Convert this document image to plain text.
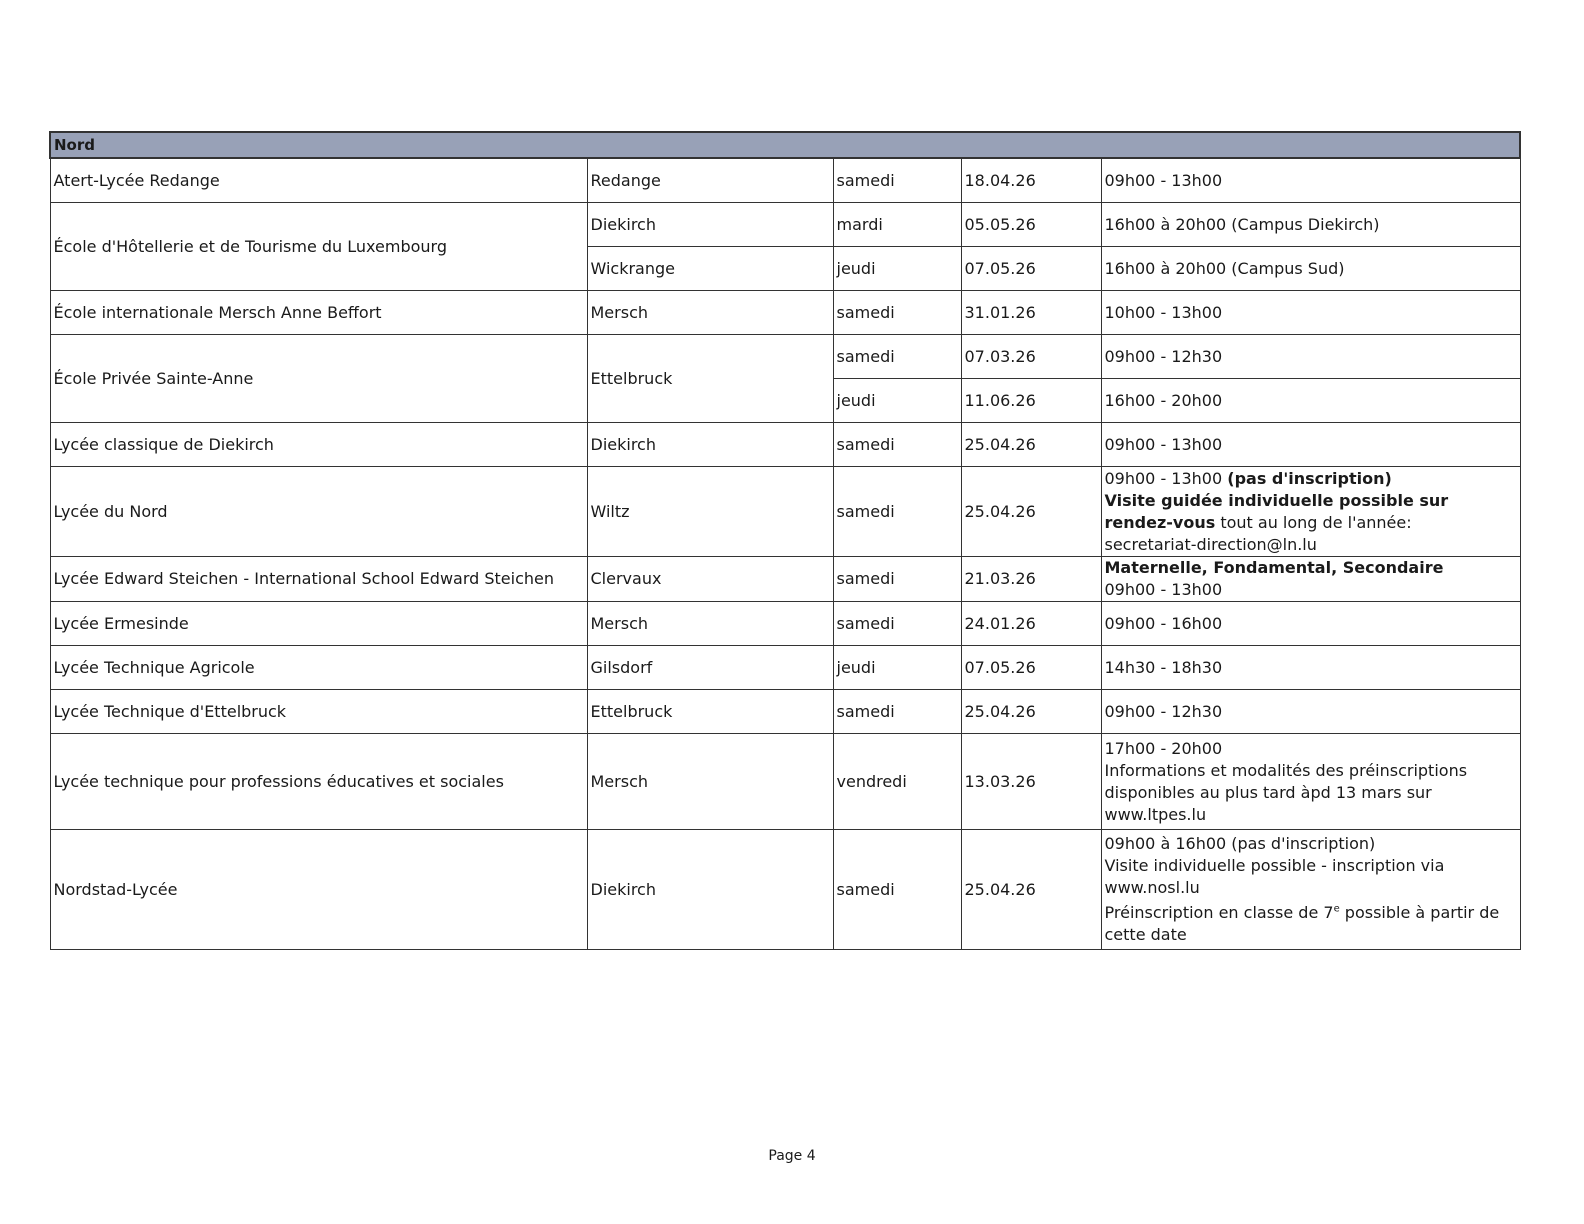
Nord				
Atert-Lycée Redange	Redange	samedi	18.04.26	09h00 - 13h00
École d'Hôtellerie et de Tourisme du Luxembourg	Diekirch	mardi	05.05.26	16h00 à 20h00 (Campus Diekirch)
	Wickrange	jeudi	07.05.26	16h00 à 20h00 (Campus Sud)
École internationale Mersch Anne Beffort	Mersch	samedi	31.01.26	10h00 - 13h00
École Privée Sainte-Anne	Ettelbruck	samedi	07.03.26	09h00 - 12h30
		jeudi	11.06.26	16h00 - 20h00
Lycée classique de Diekirch	Diekirch	samedi	25.04.26	09h00 - 13h00
Lycée du Nord	Wiltz	samedi	25.04.26	09h00 - 13h00 (pas d'inscription)
Visite guidée individuelle possible sur rendez-vous tout au long de l'année:
secretariat-direction@ln.lu

Lycée Edward Steichen - International School Edward Steichen	Clervaux	samedi	21.03.26	Maternelle, Fondamental, Secondaire
09h00 - 13h00

Lycée Ermesinde	Mersch	samedi	24.01.26	09h00 - 16h00
Lycée Technique Agricole	Gilsdorf	jeudi	07.05.26	14h30 - 18h30
Lycée Technique d'Ettelbruck	Ettelbruck	samedi	25.04.26	09h00 - 12h30
Lycée technique pour professions éducatives et sociales	Mersch	vendredi	13.03.26	17h00 - 20h00
Informations et modalités des préinscriptions disponibles au plus tard àpd 13 mars sur www.ltpes.lu

Nordstad-Lycée	Diekirch	samedi	25.04.26	09h00 à 16h00 (pas d'inscription)
Visite individuelle possible - inscription via www.nosl.lu
Préinscription en classe de 7e possible à partir de cette date
Page 4
